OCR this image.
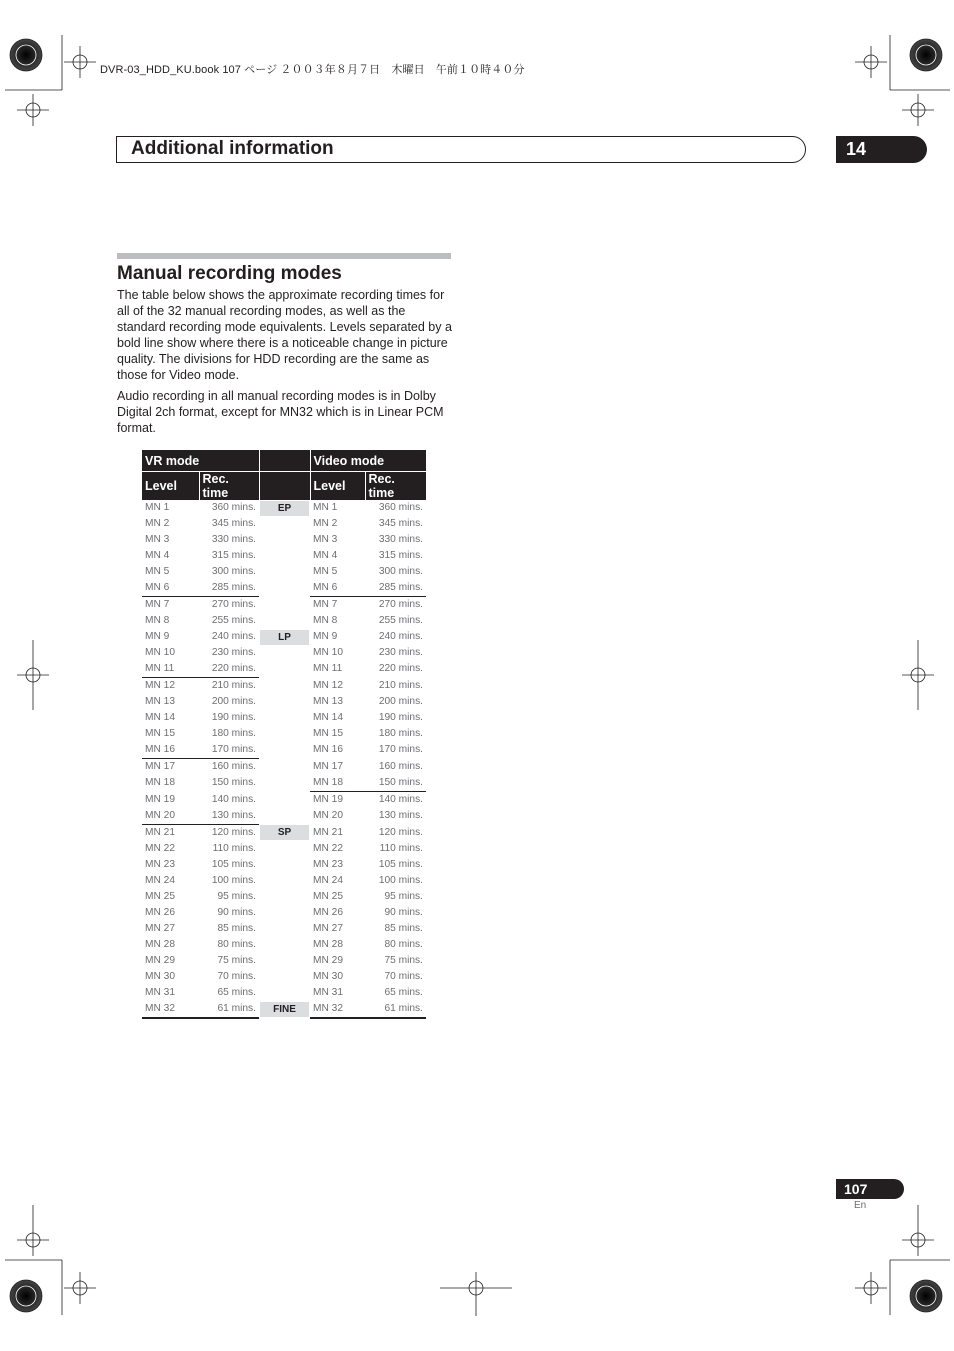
DVR-03_HDD_KU.book 107 ページ ２００３年８月７日　木曜日　午前１０時４０分
Additional information	14
Manual recording modes

The table below shows the approximate recording times for all of the 32 manual recording modes, as well as the standard recording mode equivalents. Levels separated by a bold line show where there is a noticeable change in picture quality. The divisions for HDD recording are the same as those for Video mode.

Audio recording in all manual recording modes is in Dolby Digital 2ch format, except for MN32 which is in Linear PCM format.

VR mode			Video mode	
Level	Rec. time		Level	Rec. time
MN 1	360 mins.	EP	MN 1	360 mins.
MN 2	345 mins.		MN 2	345 mins.
MN 3	330 mins.		MN 3	330 mins.
MN 4	315 mins.		MN 4	315 mins.
MN 5	300 mins.		MN 5	300 mins.
MN 6	285 mins.		MN 6	285 mins.
MN 7	270 mins.		MN 7	270 mins.
MN 8	255 mins.		MN 8	255 mins.
MN 9	240 mins.	LP	MN 9	240 mins.
MN 10	230 mins.		MN 10	230 mins.
MN 11	220 mins.		MN 11	220 mins.
MN 12	210 mins.		MN 12	210 mins.
MN 13	200 mins.		MN 13	200 mins.
MN 14	190 mins.		MN 14	190 mins.
MN 15	180 mins.		MN 15	180 mins.
MN 16	170 mins.		MN 16	170 mins.
MN 17	160 mins.		MN 17	160 mins.
MN 18	150 mins.		MN 18	150 mins.
MN 19	140 mins.		MN 19	140 mins.
MN 20	130 mins.		MN 20	130 mins.
MN 21	120 mins.	SP	MN 21	120 mins.
MN 22	110 mins.		MN 22	110 mins.
MN 23	105 mins.		MN 23	105 mins.
MN 24	100 mins.		MN 24	100 mins.
MN 25	95 mins.		MN 25	95 mins.
MN 26	90 mins.		MN 26	90 mins.
MN 27	85 mins.		MN 27	85 mins.
MN 28	80 mins.		MN 28	80 mins.
MN 29	75 mins.		MN 29	75 mins.
MN 30	70 mins.		MN 30	70 mins.
MN 31	65 mins.		MN 31	65 mins.
MN 32	61 mins.	FINE	MN 32	61 mins.
107
En
